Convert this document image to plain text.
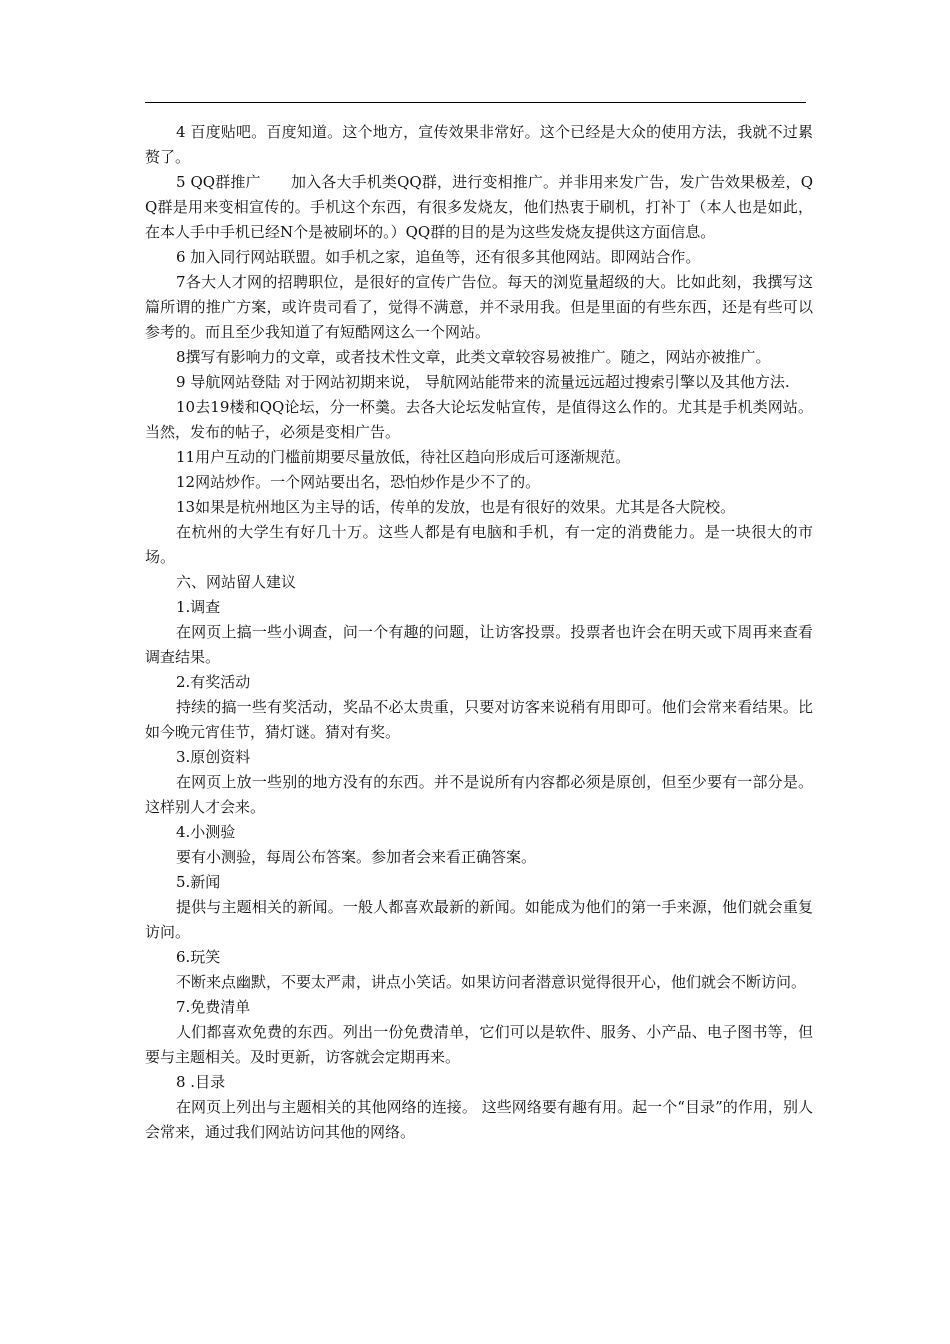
4 百度贴吧。百度知道。这个地方，宣传效果非常好。这个已经是大众的使用方法，我就不过累赘了。

5 QQ群推广　　加入各大手机类QQ群，进行变相推广。并非用来发广告，发广告效果极差，QQ群是用来变相宣传的。手机这个东西，有很多发烧友，他们热衷于刷机，打补丁（本人也是如此，在本人手中手机已经N个是被刷坏的。）QQ群的目的是为这些发烧友提供这方面信息。

6 加入同行网站联盟。如手机之家，追鱼等，还有很多其他网站。即网站合作。

7各大人才网的招聘职位，是很好的宣传广告位。每天的浏览量超级的大。比如此刻，我撰写这篇所谓的推广方案，或许贵司看了，觉得不满意，并不录用我。但是里面的有些东西，还是有些可以参考的。而且至少我知道了有短酷网这么一个网站。

8撰写有影响力的文章，或者技术性文章，此类文章较容易被推广。随之，网站亦被推广。

9 导航网站登陆 对于网站初期来说， 导航网站能带来的流量远远超过搜索引擎以及其他方法.

10去19楼和QQ论坛，分一杯羹。去各大论坛发帖宣传，是值得这么作的。尤其是手机类网站。当然，发布的帖子，必须是变相广告。

11用户互动的门槛前期要尽量放低，待社区趋向形成后可逐渐规范。

12网站炒作。一个网站要出名，恐怕炒作是少不了的。

13如果是杭州地区为主导的话，传单的发放，也是有很好的效果。尤其是各大院校。

在杭州的大学生有好几十万。这些人都是有电脑和手机，有一定的消费能力。是一块很大的市场。

六、网站留人建议

1.调查

在网页上搞一些小调查，问一个有趣的问题，让访客投票。投票者也许会在明天或下周再来查看调查结果。

2.有奖活动

持续的搞一些有奖活动，奖品不必太贵重，只要对访客来说稍有用即可。他们会常来看结果。比如今晚元宵佳节，猜灯谜。猜对有奖。

3.原创资料

在网页上放一些别的地方没有的东西。并不是说所有内容都必须是原创，但至少要有一部分是。这样别人才会来。

4.小测验

要有小测验，每周公布答案。参加者会来看正确答案。

5.新闻

提供与主题相关的新闻。一般人都喜欢最新的新闻。如能成为他们的第一手来源，他们就会重复访问。

6.玩笑

不断来点幽默，不要太严肃，讲点小笑话。如果访问者潜意识觉得很开心，他们就会不断访问。

7.免费清单

人们都喜欢免费的东西。列出一份免费清单，它们可以是软件、服务、小产品、电子图书等，但要与主题相关。及时更新，访客就会定期再来。

8 .目录

在网页上列出与主题相关的其他网络的连接。 这些网络要有趣有用。起一个“目录”的作用，别人会常来，通过我们网站访问其他的网络。
